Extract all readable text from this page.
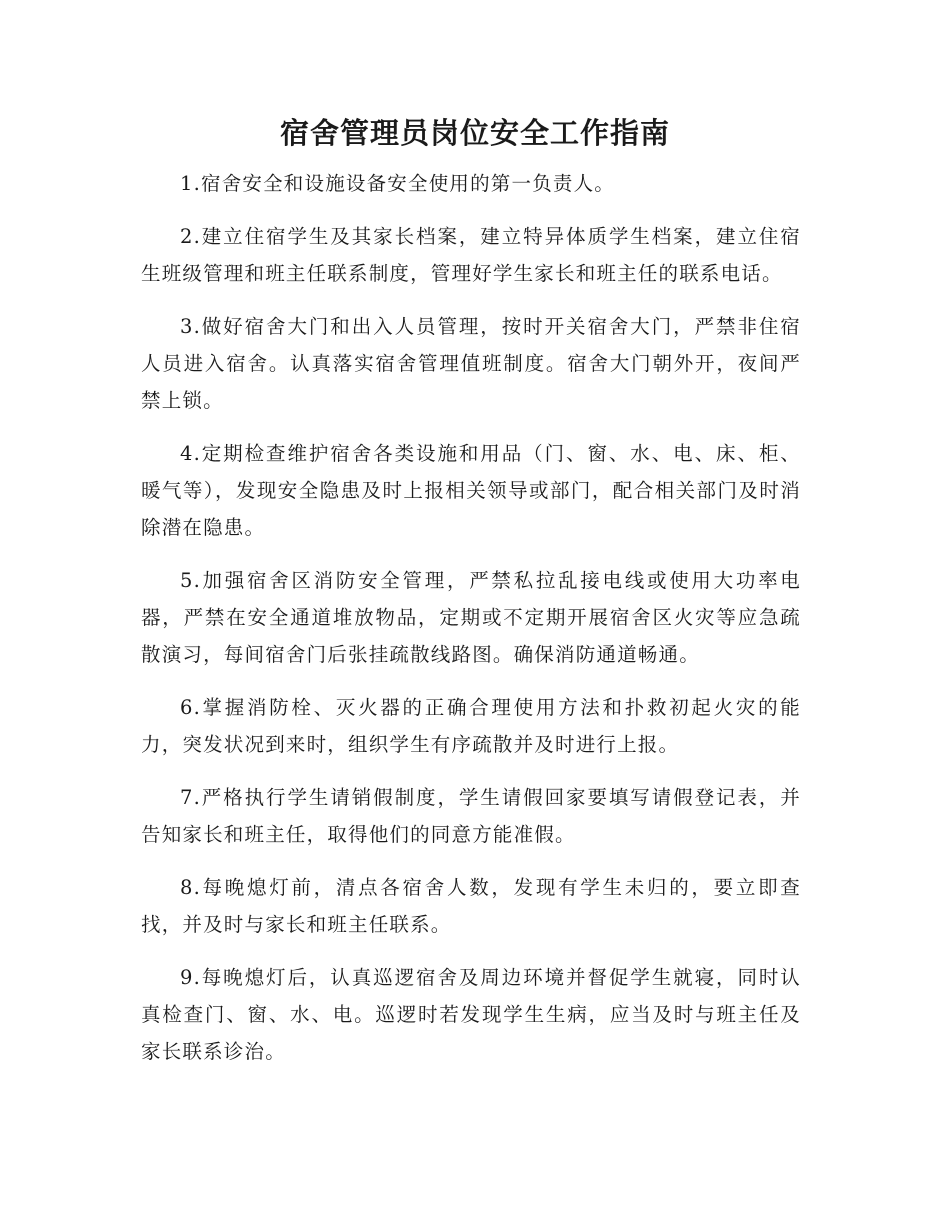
宿舍管理员岗位安全工作指南

1.宿舍安全和设施设备安全使用的第一负责人。

2.建立住宿学生及其家长档案，建立特异体质学生档案，建立住宿生班级管理和班主任联系制度，管理好学生家长和班主任的联系电话。

3.做好宿舍大门和出入人员管理，按时开关宿舍大门，严禁非住宿人员进入宿舍。认真落实宿舍管理值班制度。宿舍大门朝外开，夜间严禁上锁。

4.定期检查维护宿舍各类设施和用品（门、窗、水、电、床、柜、暖气等），发现安全隐患及时上报相关领导或部门，配合相关部门及时消除潜在隐患。

5.加强宿舍区消防安全管理，严禁私拉乱接电线或使用大功率电器，严禁在安全通道堆放物品，定期或不定期开展宿舍区火灾等应急疏散演习，每间宿舍门后张挂疏散线路图。确保消防通道畅通。

6.掌握消防栓、灭火器的正确合理使用方法和扑救初起火灾的能力，突发状况到来时，组织学生有序疏散并及时进行上报。

7.严格执行学生请销假制度，学生请假回家要填写请假登记表，并告知家长和班主任，取得他们的同意方能准假。

8.每晚熄灯前，清点各宿舍人数，发现有学生未归的，要立即查找，并及时与家长和班主任联系。

9.每晚熄灯后，认真巡逻宿舍及周边环境并督促学生就寝，同时认真检查门、窗、水、电。巡逻时若发现学生生病，应当及时与班主任及家长联系诊治。
